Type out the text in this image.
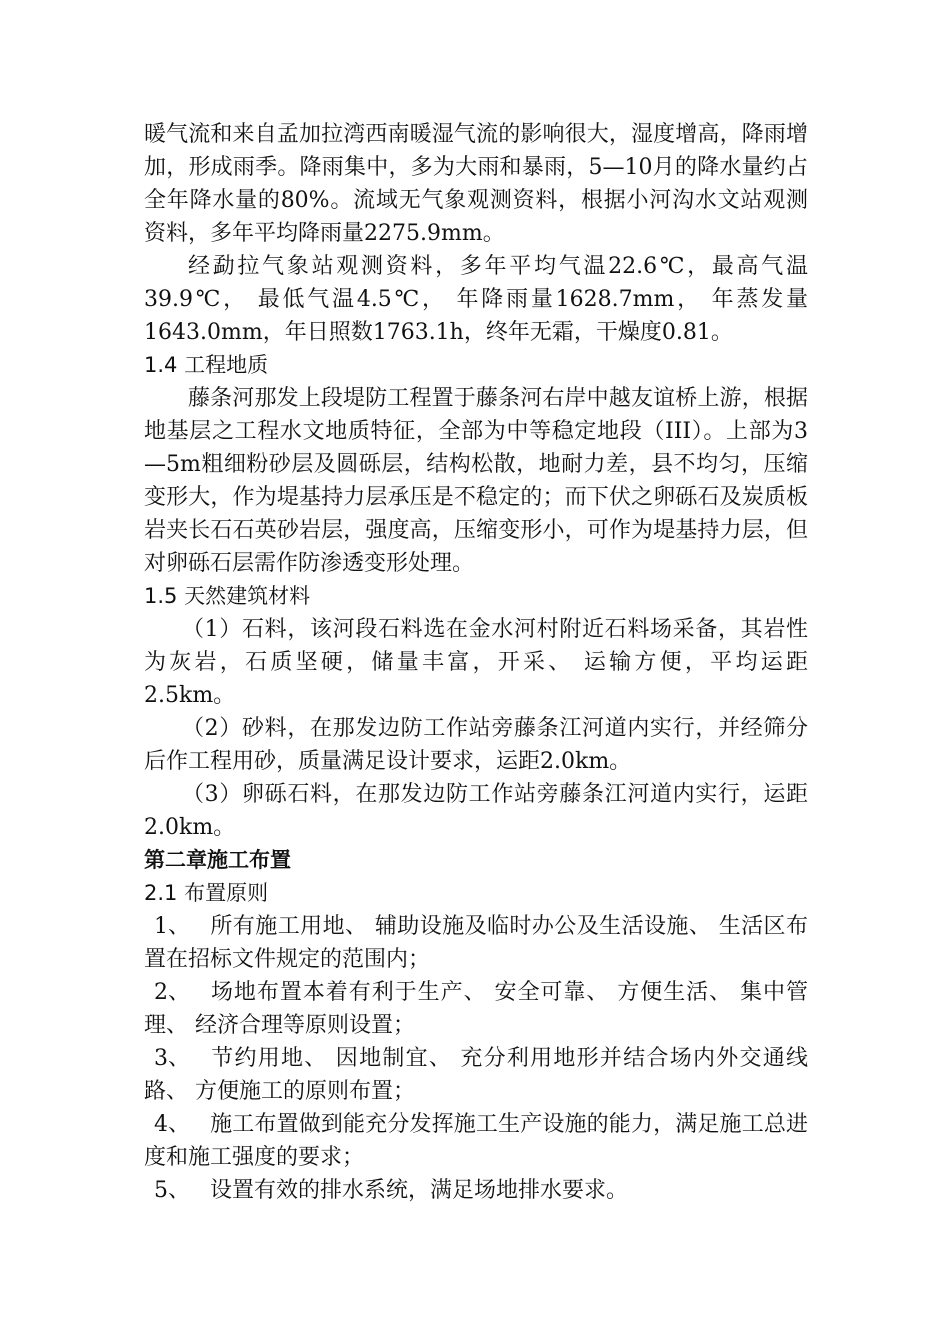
暖气流和来自孟加拉湾西南暖湿气流的影响很大，湿度增高，降雨增加，形成雨季。降雨集中，多为大雨和暴雨，5—10月的降水量约占全年降水量的80%。流域无气象观测资料，根据小河沟水文站观测资料，多年平均降雨量2275.9mm。

经勐拉气象站观测资料，多年平均气温22.6℃，最高气温39.9℃， 最低气温4.5℃， 年降雨量1628.7mm， 年蒸发量1643.0mm，年日照数1763.1h，终年无霜，干燥度0.81。

1.4 工程地质

藤条河那发上段堤防工程置于藤条河右岸中越友谊桥上游，根据地基层之工程水文地质特征，全部为中等稳定地段（III）。上部为3—5m粗细粉砂层及圆砾层，结构松散，地耐力差，县不均匀，压缩变形大，作为堤基持力层承压是不稳定的；而下伏之卵砾石及炭质板岩夹长石石英砂岩层，强度高，压缩变形小，可作为堤基持力层，但对卵砾石层需作防渗透变形处理。

1.5 天然建筑材料

（1）石料，该河段石料选在金水河村附近石料场采备，其岩性为灰岩，石质坚硬，储量丰富，开采、 运输方便，平均运距2.5km。

（2）砂料，在那发边防工作站旁藤条江河道内实行，并经筛分后作工程用砂，质量满足设计要求，运距2.0km。

（3）卵砾石料，在那发边防工作站旁藤条江河道内实行，运距2.0km。

第二章施工布置

2.1 布置原则

1、 所有施工用地、 辅助设施及临时办公及生活设施、 生活区布置在招标文件规定的范围内；

2、 场地布置本着有利于生产、 安全可靠、 方便生活、 集中管理、 经济合理等原则设置；

3、 节约用地、 因地制宜、 充分利用地形并结合场内外交通线路、 方便施工的原则布置；

4、 施工布置做到能充分发挥施工生产设施的能力，满足施工总进度和施工强度的要求；

5、 设置有效的排水系统，满足场地排水要求。
